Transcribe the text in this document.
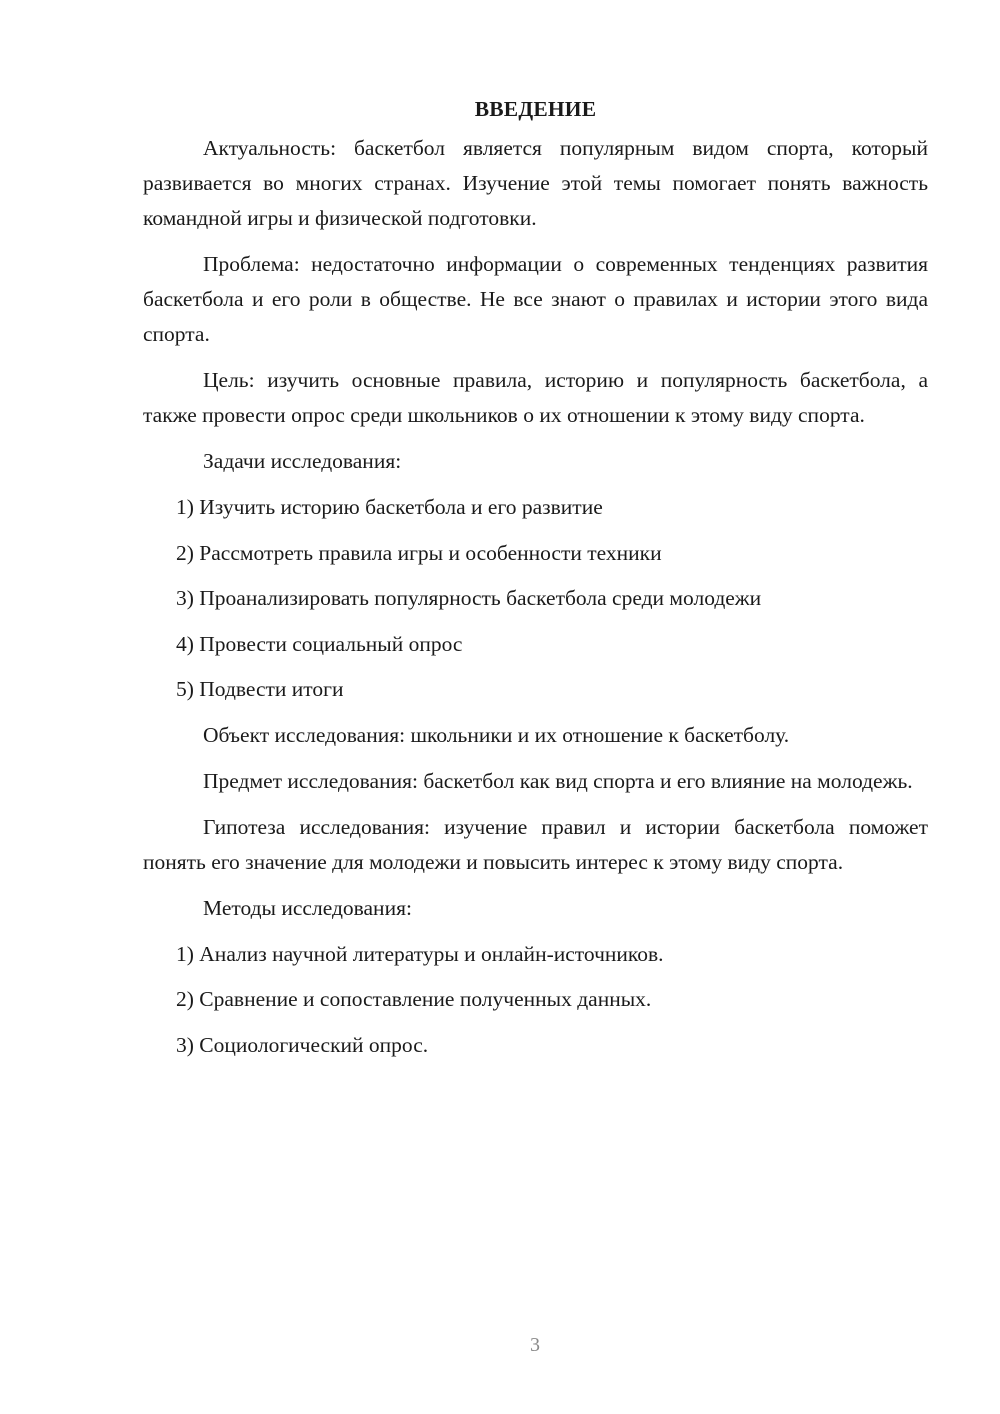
ВВЕДЕНИЕ

Актуальность: баскетбол является популярным видом спорта, который развивается во многих странах. Изучение этой темы помогает понять важность командной игры и физической подготовки.

Проблема: недостаточно информации о современных тенденциях развития баскетбола и его роли в обществе. Не все знают о правилах и истории этого вида спорта.

Цель: изучить основные правила, историю и популярность баскетбола, а также провести опрос среди школьников о их отношении к этому виду спорта.

Задачи исследования:
1) Изучить историю баскетбола и его развитие
2) Рассмотреть правила игры и особенности техники
3) Проанализировать популярность баскетбола среди молодежи
4) Провести социальный опрос
5) Подвести итоги

Объект исследования: школьники и их отношение к баскетболу.

Предмет исследования: баскетбол как вид спорта и его влияние на молодежь.

Гипотеза исследования: изучение правил и истории баскетбола поможет понять его значение для молодежи и повысить интерес к этому виду спорта.

Методы исследования:
1) Анализ научной литературы и онлайн-источников.
2) Сравнение и сопоставление полученных данных.
3) Социологический опрос.
3
